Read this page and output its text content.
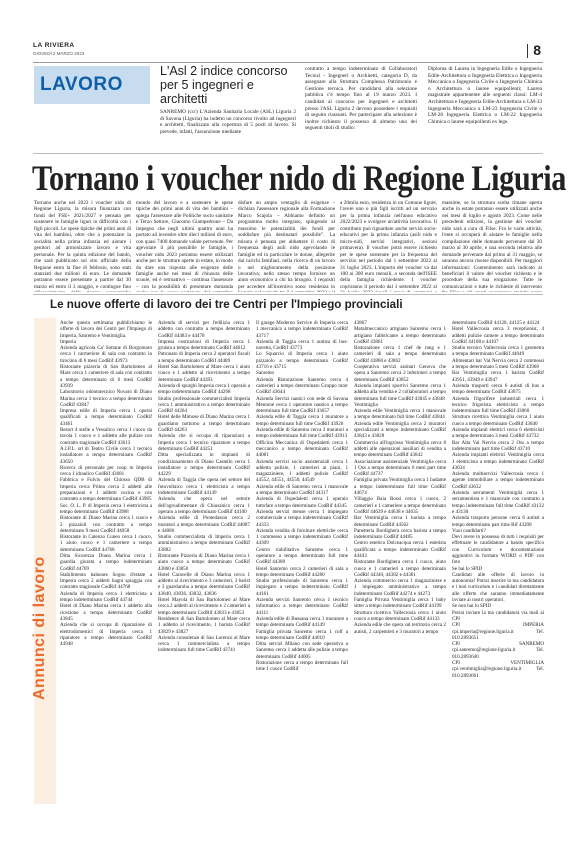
LA RIVIERA
GIOVEDÌ 2 MARZO 2023	8
LAVORO
L'Asl 2 indice concorso per 5 ingegneri e architetti
SANREMO (ccr) L'Azienda Sanitaria Locale (ASL) Liguria 2 di Savona (Liguria) ha indetto un concorso rivolto ad ingegneri e architetti, finalizzato alla copertura di 5 posti di lavoro. Si prevede, infatti, l'assunzione mediante
contratto a tempo indeterminato di Collaboratori Tecnici - Ingegneri o Architetti, categoria D, da assegnare alla Struttura Complessa Patrimonio e Gestione tecnica. Per candidarsi alla selezione pubblica c'è tempo fino al 19 marzo 2023. I candidati al concorso per ingegneri e architetti presso l'ASL Liguria 2 devono possedere i requisiti di seguito riassunti. Per partecipare alla selezione è inoltre richiesto il possesso di almeno uno dei seguenti titoli di studio:
Diploma di Laurea in Ingegneria Edile o Ingegneria Edile-Architettura o Ingegneria Elettrica o Ingegneria Meccanica o Ingegneria Civile o Ingegneria Chimica o Architettura o lauree equipollenti; Laurea magistrale appartenente alle seguenti classi: LM-4 Architettura e Ingegneria Edile-Architettura o LM-33 Ingegneria Meccanica o LM-23 Ingegneria Civile o LM-28 Ingegneria Elettrica o LM-22 Ingegneria Chimica o lauree equipollenti ex lege.
Tornano i voucher nido di Regione Liguria
Tornano anche nel 2023 i voucher nido di Regione Liguria, la misura finanziata con fondi del FSE+ 2021/2027 e pensata per sostenere le famiglie liguri in difficoltà con i figli piccoli. Le spese tipiche dei primi anni di vita dei bambini, oltre che a potenziare la socialità nella prima infanzia ed aiutare i genitori ad armonizzare lavoro e vita personale. Per la quinta edizione del bando, che sarà pubblicato sul sito ufficiale della Regione entro la fine di febbraio, sono stati stanziati due milioni di euro. Le domande potranno essere presentate a partire dal 30 marzo ed entro il 3 maggio, e contingue fino
mondo del lavoro e a sostenere le spese tipiche dei primi anni di vita dei bambini – spiega l'assessore alle Politiche socio sanitarie e Terzo Settore, Giacomo Giampedrone – Da impegno che negli ultimi quattro anni ha portato ad investire oltre dieci milioni di euro, con quasi 7400 domande valide pervenute. Per agevolare il più possibile le famiglie, i voucher nido 2023 potranno essere utilizzati anche per le strutture aperte in estate, in modo da dare una risposta alle esigenze delle famiglie anche nei mesi di chiusura delle scuole, ed è retroattivo – continua l'assessore – con la possibilità di presentare domanda
disfare un ampio ventaglio di esigenze – dichiara l'assessore regionale alla Formazione Marco Scajola – Abbiamo definito un programma molto integrato, spingendo al massimo le potenzialità dei fondi per soddisfare più destinatari possibile”. La misura è pensata per abbattere il costo di frequenza degli asili nido agevolando le famiglie ed in particolare le donne, allegerite dai carichi familiari, nella ricerca di un lavoro o nel miglioramento della posizione lavorativa; nello stesso tempo fornisce un aiuto economico a chi ha bisogno. I requisiti per accedere all'incentivo sono: residenza in
a 20mila euro, residenza in un Comune ligure, l'avere uno o più figli iscritti ad un servizio per la prima infanzia nell'anno educativo 2022/2023 e svolgere un'attività lavorativa. Il contributo può riguardare anche servizi socio-educativi per la prima infanzia (asili nido e micro-nidi, servizi integrativi, sezioni primavera). Il voucher potrà essere richiesto per le spese sostenute per la frequenza del servizio nel periodo dal 1 settembre 2022 al 31 luglio 2023. L'importo del voucher va dai 100 ai 300 euro mensili, a seconda dell'ISEE della famiglia richiedente. I voucher copriranno il periodo dal 1 settembre 2022 al
massime, se la struttura scelta rimane aperta anche in estate potranno essere utilizzati anche nei mesi di luglio e agosto 2023. Come nelle precedenti edizioni, la gestione dei voucher nido sarà a cura di Filse. Fra le varie attività, l'ente si occuperà di aiutare le famiglie nella compilazione delle domande pervenute dal 30 marzo al 30 aprile, e una seconda relativa alle domande pervenute dal primo al 31 maggio, se saranno ancora risorse disponibili. Per maggiori informazioni: Contenimento sarà indicato ai beneficiari il valore del voucher richiesto e le procedure della sua erogazione. Tutte le comunicazioni e tutte le richieste di intervento
Le nuove offerte di lavoro dei tre Centri per l'Impiego provinciali
Annunci di lavoro
Anche questa settimana pubblichiamo le offerte di lavoro dei Centri per l'Impiego di Imperia, Sanremo e Ventimiglia.
Imperia
Azienda agricola Ca' Sottane di Borgomaro cerca 1 carmeriere di sala con contratto in tirocinio di 6 mesi CodRif 43973
Ristorante pizzeria di San Bartolomeo al Mare cerca 1 cameriere di sala con contratto a tempo determinato di 6 mesi CodRif 43939
Laboratorio odontotecnico Novaro di Diano Marina cerca 1 tecnico a tempo determinato CodRif 43847
Impresa edile di Imperia cerca 1 operai qualificati a tempo determinato CodRif 43461
Resort 4 stelle a Vessalico cerca 1 cuoco da tavola 1 cuoco e 1 addetto alle pulizie con contratto stagionale CodRif 43613
A.I.P.L. srl di Teatro Civile cerca 1 tecnico installatore a tempo determinato CodRif 43650
Ricerca di personale per coop in Imperia cerca 1 idraulico CodRif 43681
Fabbrica e Fulvio del Chiosso QDB di Imperia cerca Primo cerca 2 addetti alle preparazioni e 1 addetti cucina e con contratto a tempo determinato CodRif 43985
Soc. O. L. P. di Imperia cerca 1 elettricista a tempo determinato CodRif 43988
Ristorante di Diano Marina cerca 1 cuoco e 2 pizzaioli con contratto a tempo determinato 9 mesi CodRif 44058
Ristorante in Calenzo Cuneo cerca 1 cuoco, 1 aiuto cuoco e 1 cameriere a tempo determinato CodRif 44768
Ditta Sicurezza Diano Marina cerca 1 guardia giurata a tempo indeterminato CodRif 44769
Stabilimento balneare Sogno d'estate a Imperia cerca 2 addetti bagni spiaggia con contratto stagionale CodRif 44768
Azienda di Imperia cerca 1 elettricista a tempo indeterminato CodRif 44744
Hotel di Diano Marina cerca 1 addetto alla ricezione a tempo determinato CodRif 43845
Azienda che si occupa di riparazione di elettrodomestici di Imperia cerca 1 riparatore a tempo determinato CodRif 44948
Azienda di servizi per l'edilizia cerca 1 addetto con contratto a tempo determinato CodRif 44483 e 44478
Impresa costruzioni di Imperia cerca 1 gruista a tempo determinato CodRif 44612
Patronato di Imperia cerca 2 operatori fiscali a tempo determinato CodRif 44489
Hotel San Bartolomeo al Mare cerca 1 aiuto cuoco e 1 addetto al ricevimento a tempo determinato CodRif 44393
Azienda di spurghi Imperia cerca 1 operaio a tempo indeterminato CodRif 44268
Studio professionale commercialisti Imperia cerca 1 amministrativo a tempo determinato CodRif 44264
Hotel delle Mimose di Diano Marina cerca 1 guardiano notturno a tempo determinato CodRif 44263
Azienda che si occupa di riparazioni a Imperia cerca 1 tecnico riparatore a tempo determinato CodRif 44251
Ditta specializzata in impianti di condizionamento di Diano Castello cerca 1 installatore a tempo determinato CodRif 44229
Azienda di Taggia che opera nel settore del fotovoltaico cerca 1 elettricista a tempo indeterminato CodRif 44149
Azienda che opera nel settore dell'agroalimentare di Chiusanico cerca 1 operaio a tempo determinato CodRif 44100
Azienda edile di Pontedassio cerca 2 muratori a tempo determinato CodRif 44087 e 44086
Studio commercialista di Imperia cerca 1 amministrativo a tempo determinato CodRif 43882
Ristorante Pizzeria di Diano Marina cerca 1 aiuto cuoco a tempo determinato CodRif 43860 e 43850
Hotel Caravelle di Diano Marina cerca 1 addetto al ricevimento e 3 camerieri, 3 barist e 3 guardaroba a tempo determinato CodRif 43840, 43836, 43832, 43836
Hotel Mayola di San Bartolomeo al Mare cerca 2 addetti al ricevimento e 2 camerieri a tempo determinato CodRif 43833 e 43853
Residence di San Bartolomeo al Mare cerca 1 addetto al ricevimento, 1 barista CodRif 43829 e 43827
Azienda consulenze di San Lorenzo al Mare cerca 1 commercialista a tempo indeterminato full time CodRif 43741
Il garage Moderno Service di Imperia cerca 1 meccanico a tempo indeterminato CodRif 43717
Azienda di Taggia cerca 1 autista di bus-navetta, CodRif 43773
Lo Squarcio di Imperia cerca 1 aiuto pizzaiolo a tempo determinato CodRif 43716 e 43715
Sanremo
Azienda Ristorazione Sanremo cerca 4 camerieri a tempo determinato Gruppo tutor CodRif 43644
Azienda Servizi nautici con sede di Savona Mentone cerca 1 operatore nautico a tempo determinato full time CodRif 43657
Azienda edile di Taggia cerca 1 muratore a tempo determinato full time CodRif 43926
Azienda edile di Sanremo cerca 3 muratori a tempo indeterminato full time CodRif 43913
Officina Meccanica di Ospedaletti cerca 1 meccanico a tempo determinato CodRif 44081
Azienda servizi socio assistenziali cerca 1 addetta pulizie, 1 camerieri ai piani, 1 magazziniere, 1 addetti pulizie CodRif 44552, 44551, 44550, 44549
Azienda edile di Sanremo cerca 1 manovale a tempo determinato CodRif 44317
Azienda di Ospedaletti cerca 1 operaio tuttofare a tempo determinato CodRif 44345
Azienda servizi mense cerca 1 impiegato commerciale a tempo indeterminato CodRif 44333
Azienda vendita di forniture elettriche cerca 1 commesso a tempo indeterminato CodRif 44309
Centro riabilitativo Sanremo cerca 1 operatore a tempo determinato full time CodRif 44308
Hotel Sanremo cerca 2 camerieri di sala a tempo determinato CodRif 44280
Studio professionale di Sanremo cerca 1 impiegato a tempo indeterminato CodRif 44161
Azienda servizi Sanremo cerca 1 tecnico informatico a tempo determinato CodRif 44111
Azienda edile di Bussana cerca 1 muratore a tempo determinato CodRif 44149
Famiglia privata Sanremo cerca 1 colf a tempo determinato CodRif 44010
Ditta servizi Milano con sede operativa a Sanremo cerca 1 addetta alle pulizie a tempo determinato CodRif 44005
Ristorazione cerca a tempo determinato full time 1 cuoco CodRif
43867
Metalmeccanico artigiano Sanremo cerca 1 artigiano fabbricante a tempo determinato CodRif 43861
Ristorazione cerca 1 chef de rang e 1 camerieri di sala a tempo determinato CodRif 43860 e 43862
Cooperativa servizi sanitari Genova che opera a Sanremo cerca 2 infermieri a tempo determinato CodRif 43852
Azienda impianti sportivi Sanremo cerca 1 addetta alla vendita e 2 collaboratori a tempo determinato full time CodRif 43845 e 43848
Ventimiglia
Azienda edile Ventimiglia cerca 1 manovale a tempo determinato full time CodRif 43844
Azienda edile Ventimiglia cerca 2 muratori specializzati a tempo indeterminato CodRif 43843 e 43828
Commercio all'ingrosso Ventimiglia cerca 8 addetti alle operazioni ausiliari di vendita a tempo determinato CodRif 43842
Associazione assistenziale Ventimiglia cerca 1 Oss a tempo determinato 6 mesi part time CodRif 44737
Famiglia privata Ventimiglia cerca 1 badante a tempo indeterminato full time CodRif 44674
Villaggio Baia Rossi cerca 1 cuoco, 2 camerieri e 1 cameriere a tempo determinato CodRif 44639 e 44638 e 44635
Bar Ventimiglia cerca 1 barista a tempo determinato CodRif 44562
Panetteria Bordighera cerca barista a tempo indeterminato CodRif 44485
Centro estetico Dolceacqua cerca 1 estetista qualificata a tempo indeterminato CodRif 44443
Ristorante Bordighera cerca 1 cuoco, aiuto cuoco e 1 camerieri a tempo determinato CodRif 44340, 44382 e 44361
Azienda commercio cerca 1 magazziniere e 1 impiegato amministrativo a tempo indeterminato CodRif 44274 e 44273
Famiglia Privata Ventimiglia cerca 1 baby sitter a tempo indeterminato CodRif 44199
Struttura ricettiva Vallecrosia cerca 1 aiuto cuoco a tempo determinato CodRif 44133
Azienda edile che opera sul territorio cerca 2 autisti, 2 carpentieri e 3 muratori a tempo
determinato CodRif 44128, 44125 e 44124
Hotel Vallecrosia cerca 3 receptionist, 4 addetti pulizie camere a tempo determinato CodRif 44108 e 44107
Studio tecnico Vallecrosia cerca 1 geometra a tempo determinato CodRif 44049
Alimentari bar Val Nervia cerca 2 commessi a tempo determinato 5 mesi CodRif 43968
Bar Ventimiglia cerca 1 barista CodRif 43951, 43949 e 43947
Azienda trasporti cerca 6 autisti di bus a tempo determinato CodRif 43875
Azienda frigorifere industriali cerca 1 tecnico frigorista elettricista a tempo indeterminato full time CodRif 43860
Struttura ricettiva Ventimiglia cerca 1 aiuto cuoco a tempo determinato CodRif 43840
Azienda impianti elettrici cerca 6 elettricisti a tempo determinato 3 mesi CodRif 43732
Bar Alta Val Nervia cerca 2 Oss a tempo indeterminato part time CodRif 43710
Azienda impianti elettrici Ventimiglia cerca 1 elettricista a tempo indeterminato CodRif 43634
Azienda multiservizi Vallecrosia cerca 1 agente immobiliare a tempo indeterminato CodRif 43632
Azienda serramenti Ventimiglia cerca 1 serramentista e 1 manovale con contratto a tempo indeterminato full time CodRif 43132 e 43130
Azienda trasporto persone cerca 6 autisti a tempo determinato part time Rif 43208
Vuoi candidarti?
Devi avere in possesso di tutti i requisiti per effettuare le candidature a bando specifico con Curriculum e documentazione aggiuntivi in formato WORD o PDF con foto
Se hai lo SPID
Candidati alle offerte di lavoro in autonomia! Potrai inserire la tua candidatura e i tuoi curriculum e i candidati direttamente alle offerte che saranno immediatamente inviate ai nostri operatori.
Se non hai lo SPID
Potrai inviare la tua candidatura via mail ai CPI
CPI IMPERIA cpi.imperia@regione.liguria.it Tel. 010.2893651
CPI SANREMO cpi.sanremo@regione.liguria.it Tel. 010.2893640
CPI VENTIMIGLIA cpi.ventimiglia@regione.liguria.it Tel. 010.2893661
